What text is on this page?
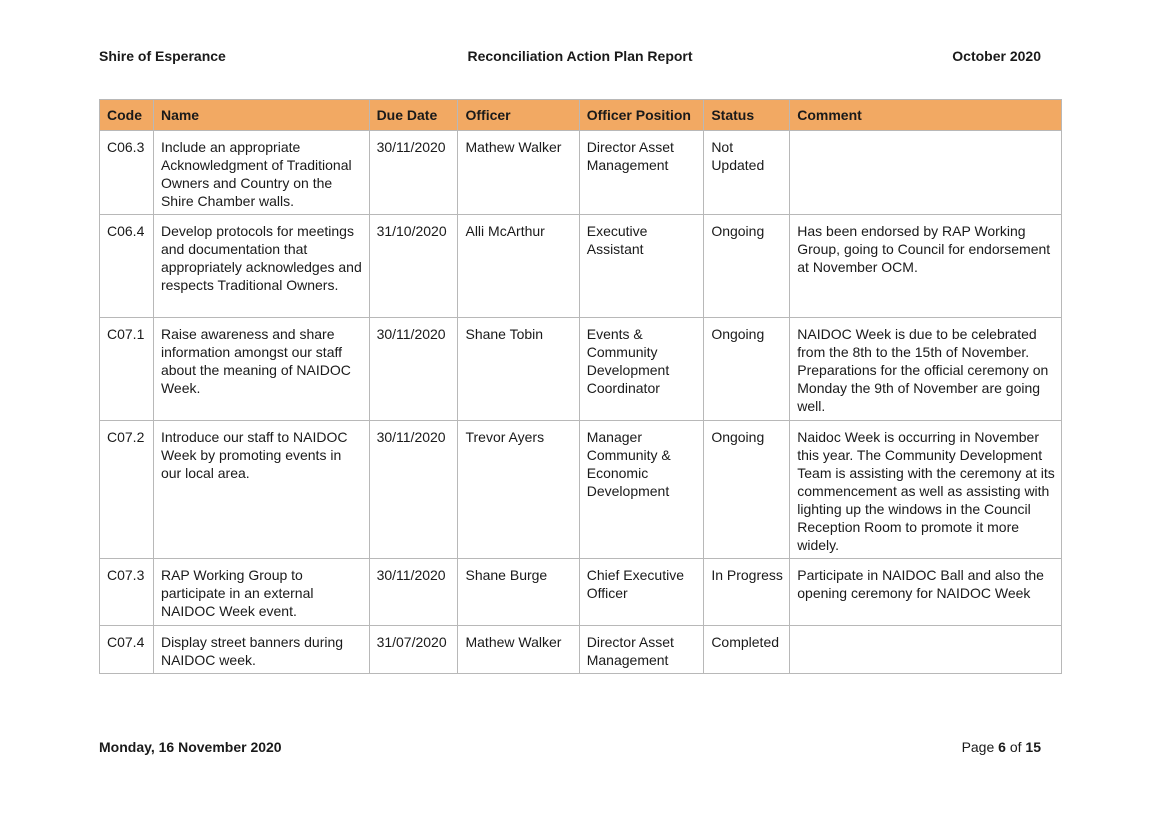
Shire of Esperance	Reconciliation Action Plan Report	October 2020
Code	Name	Due Date	Officer	Officer Position	Status	Comment
C06.3	Include an appropriate Acknowledgment of Traditional Owners and Country on the Shire Chamber walls.	30/11/2020	Mathew Walker	Director Asset Management	Not Updated	
C06.4	Develop protocols for meetings and documentation that appropriately acknowledges and respects Traditional Owners.	31/10/2020	Alli McArthur	Executive Assistant	Ongoing	Has been endorsed by RAP Working Group, going to Council for endorsement at November OCM.
C07.1	Raise awareness and share information amongst our staff about the meaning of NAIDOC Week.	30/11/2020	Shane Tobin	Events & Community Development Coordinator	Ongoing	NAIDOC Week is due to be celebrated from the 8th to the 15th of November. Preparations for the official ceremony on Monday the 9th of November are going well.
C07.2	Introduce our staff to NAIDOC Week by promoting events in our local area.	30/11/2020	Trevor Ayers	Manager Community & Economic Development	Ongoing	Naidoc Week is occurring in November this year. The Community Development Team is assisting with the ceremony at its commencement as well as assisting with lighting up the windows in the Council Reception Room to promote it more widely.
C07.3	RAP Working Group to participate in an external NAIDOC Week event.	30/11/2020	Shane Burge	Chief Executive Officer	In Progress	Participate in NAIDOC Ball and also the opening ceremony for NAIDOC Week
C07.4	Display street banners during NAIDOC week.	31/07/2020	Mathew Walker	Director Asset Management	Completed	
Monday, 16 November 2020	Page 6 of 15
